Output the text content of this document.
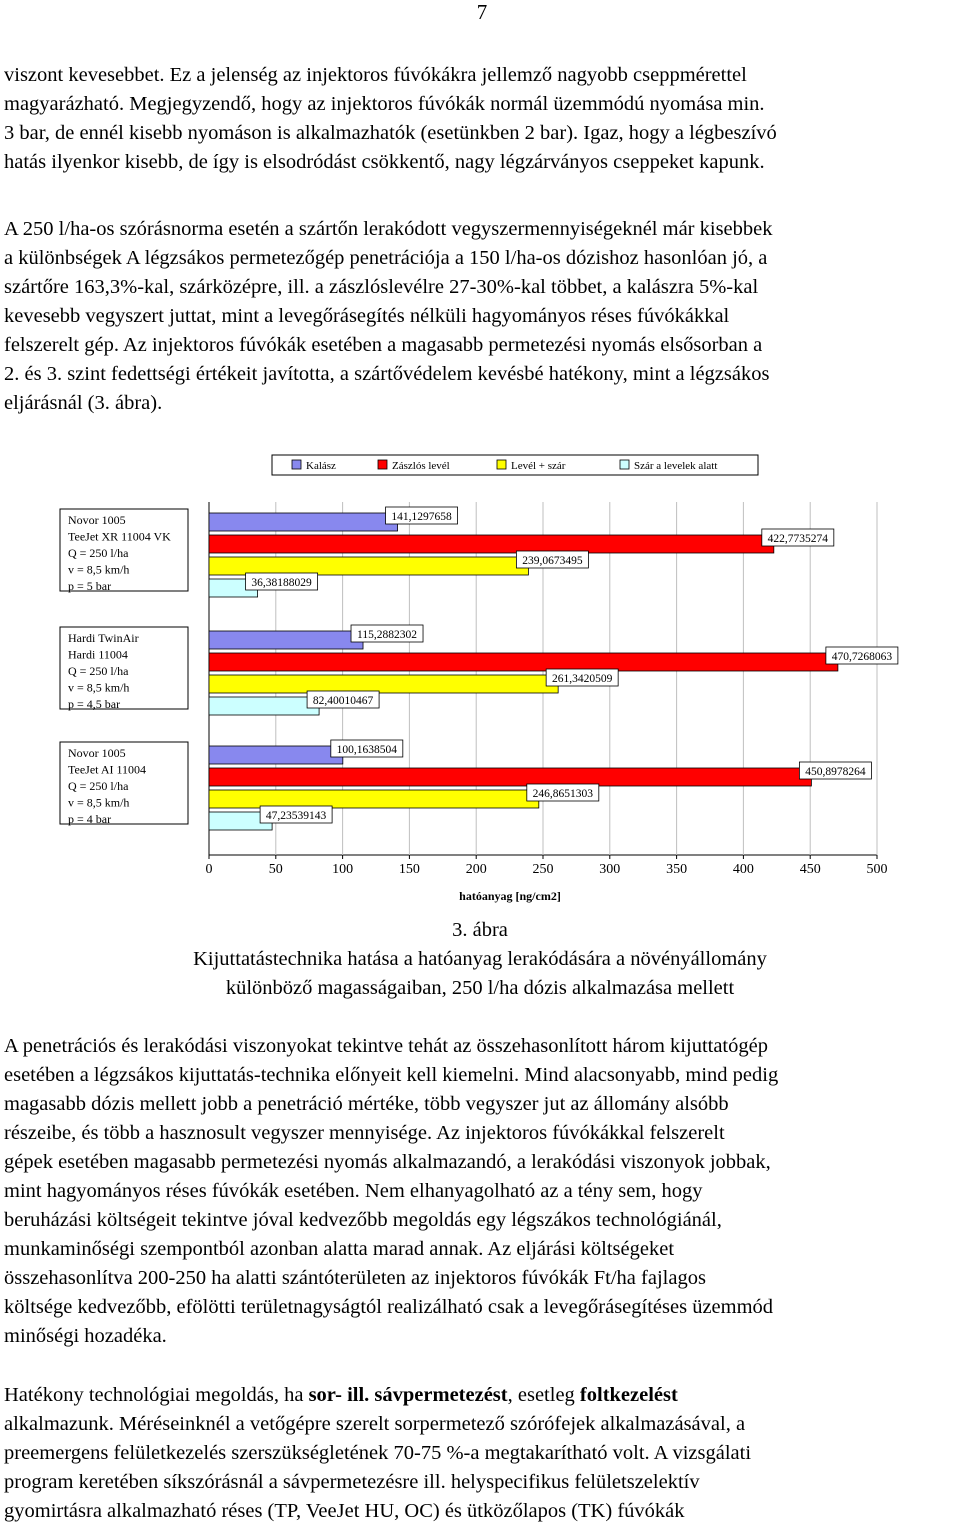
7
viszont kevesebbet. Ez a jelenség az injektoros fúvókákra jellemző nagyobb cseppmérettel
magyarázható. Megjegyzendő, hogy az injektoros fúvókák normál üzemmódú nyomása min.
3 bar, de ennél kisebb nyomáson is alkalmazhatók (esetünkben 2 bar). Igaz, hogy a légbeszívó
hatás ilyenkor kisebb, de így is elsodródást csökkentő, nagy légzárványos cseppeket kapunk.
A 250 l/ha-os szórásnorma esetén a szártőn lerakódott vegyszermennyiségeknél már kisebbek
a különbségek A légzsákos permetezőgép penetrációja a 150 l/ha-os dózishoz hasonlóan jó, a
szártőre 163,3%-kal, szárközépre, ill. a zászlóslevélre 27-30%-kal többet, a kalászra 5%-kal
kevesebb vegyszert juttat, mint a levegőrásegítés nélküli hagyományos réses fúvókákkal
felszerelt gép. Az injektoros fúvókák esetében a magasabb permetezési nyomás elsősorban a
2. és 3. szint fedettségi értékeit javította, a szártővédelem kevésbé hatékony, mint a légzsákos
eljárásnál (3. ábra).
Kalász	Zászlós levél	Levél + szár	Szár a levelek alatt
0	50	100	150	200	250	300	350	400	450	500
hatóanyag [ng/cm2]
Novor 1005
TeeJet XR 11004 VK
Q = 250 l/ha
v = 8,5 km/h
p = 5 bar
141,1297658
422,7735274
239,0673495
36,38188029
Hardi TwinAir
Hardi 11004
Q = 250 l/ha
v = 8,5 km/h
p = 4,5 bar
115,2882302
470,7268063
261,3420509
82,40010467
Novor 1005
TeeJet AI 11004
Q = 250 l/ha
v = 8,5 km/h
p = 4 bar
100,1638504
450,8978264
246,8651303
47,23539143
3. ábra
Kijuttatástechnika hatása a hatóanyag lerakódására a növényállomány
különböző magasságaiban, 250 l/ha dózis alkalmazása mellett
A penetrációs és lerakódási viszonyokat tekintve tehát az összehasonlított három kijuttatógép
esetében a légzsákos kijuttatás-technika előnyeit kell kiemelni. Mind alacsonyabb, mind pedig
magasabb dózis mellett jobb a penetráció mértéke, több vegyszer jut az állomány alsóbb
részeibe, és több a hasznosult vegyszer mennyisége. Az injektoros fúvókákkal felszerelt
gépek esetében magasabb permetezési nyomás alkalmazandó, a lerakódási viszonyok jobbak,
mint hagyományos réses fúvókák esetében. Nem elhanyagolható az a tény sem, hogy
beruházási költségeit tekintve jóval kedvezőbb megoldás egy légszákos technológiánál,
munkaminőségi szempontból azonban alatta marad annak. Az eljárási költségeket
összehasonlítva 200-250 ha alatti szántóterületen az injektoros fúvókák Ft/ha fajlagos
költsége kedvezőbb, efölötti területnagyságtól realizálható csak a levegőrásegítéses üzemmód
minőségi hozadéka.
Hatékony technológiai megoldás, ha sor- ill. sávpermetezést, esetleg foltkezelést
alkalmazunk. Méréseinknél a vetőgépre szerelt sorpermetező szórófejek alkalmazásával, a
preemergens felületkezelés szerszükségletének 70-75 %-a megtakarítható volt. A vizsgálati
program keretében síkszórásnál a sávpermetezésre ill. helyspecifikus felületszelektív
gyomirtásra alkalmazható réses (TP, VeeJet HU, OC) és ütközőlapos (TK) fúvókák
